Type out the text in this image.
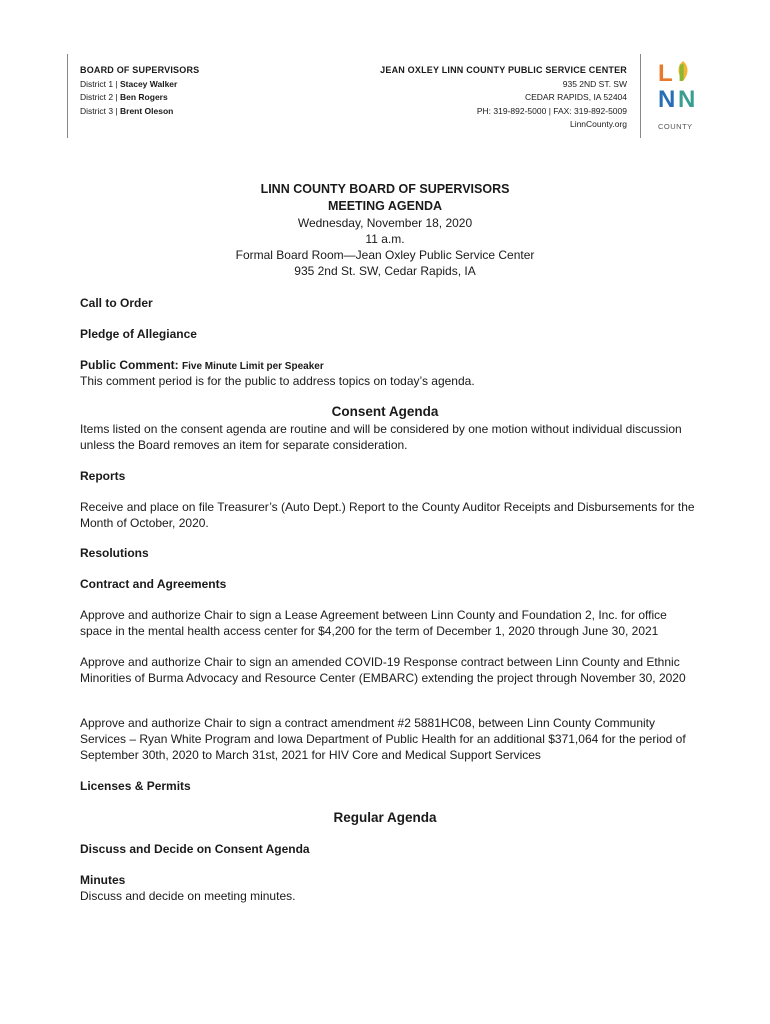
BOARD OF SUPERVISORS
District 1 | Stacey Walker
District 2 | Ben Rogers
District 3 | Brent Oleson
JEAN OXLEY LINN COUNTY PUBLIC SERVICE CENTER
935 2ND ST. SW
CEDAR RAPIDS, IA 52404
PH: 319-892-5000 | FAX: 319-892-5009
LinnCounty.org
L I
N N
COUNTY
LINN COUNTY BOARD OF SUPERVISORS
MEETING AGENDA
Wednesday, November 18, 2020
11 a.m.
Formal Board Room—Jean Oxley Public Service Center
935 2nd St. SW, Cedar Rapids, IA
Call to Order
Pledge of Allegiance
Public Comment: Five Minute Limit per Speaker
This comment period is for the public to address topics on today’s agenda.
Consent Agenda
Items listed on the consent agenda are routine and will be considered by one motion without individual discussion unless the Board removes an item for separate consideration.
Reports
Receive and place on file Treasurer’s (Auto Dept.) Report to the County Auditor Receipts and Disbursements for the Month of October, 2020.
Resolutions
Contract and Agreements
Approve and authorize Chair to sign a Lease Agreement between Linn County and Foundation 2, Inc. for office space in the mental health access center for $4,200 for the term of December 1, 2020 through June 30, 2021
Approve and authorize Chair to sign an amended COVID-19 Response contract between Linn County and Ethnic Minorities of Burma Advocacy and Resource Center (EMBARC) extending the project through November 30, 2020
Approve and authorize Chair to sign a contract amendment #2 5881HC08, between Linn County Community Services – Ryan White Program and Iowa Department of Public Health for an additional $371,064 for the period of September 30th, 2020 to March 31st, 2021 for HIV Core and Medical Support Services
Licenses & Permits
Regular Agenda
Discuss and Decide on Consent Agenda
Minutes
Discuss and decide on meeting minutes.
